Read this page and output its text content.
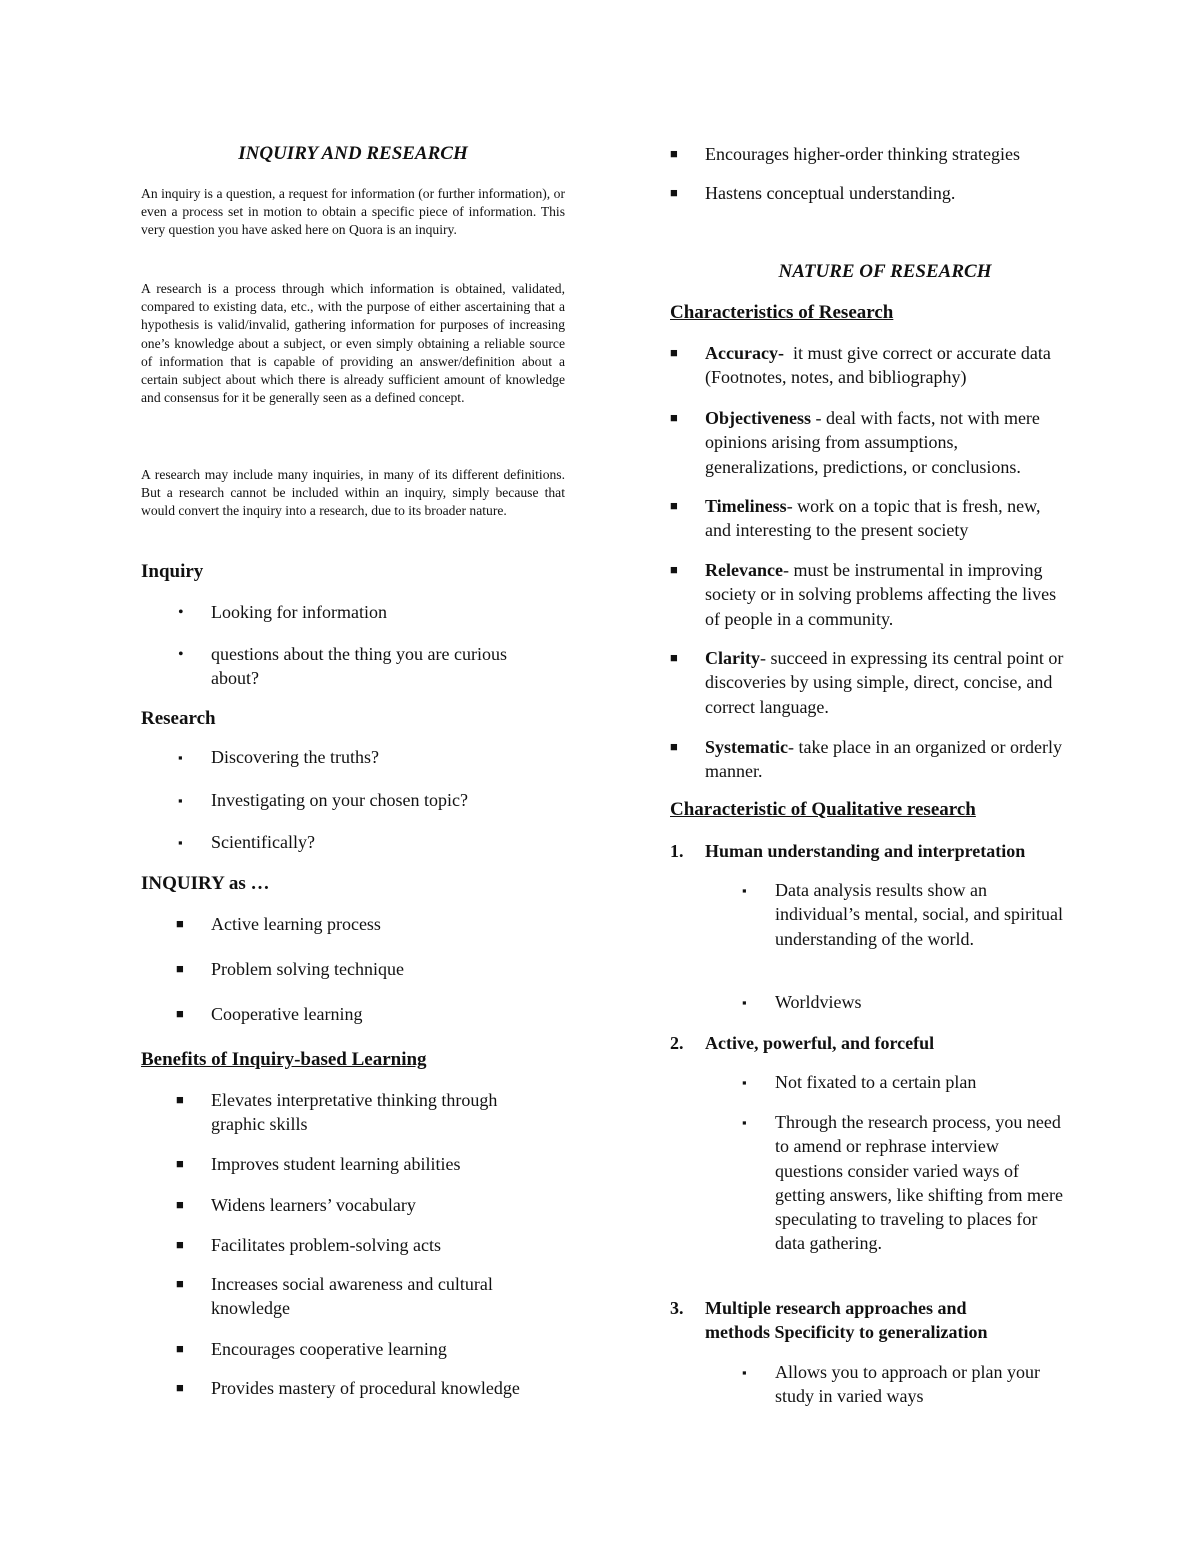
INQUIRY AND RESEARCH

An inquiry is a question, a request for information (or further information), or even a process set in motion to obtain a specific piece of information. This very question you have asked here on Quora is an inquiry.

A research is a process through which information is obtained, validated, compared to existing data, etc., with the purpose of either ascertaining that a hypothesis is valid/invalid, gathering information for purposes of increasing one’s knowledge about a subject, or even simply obtaining a reliable source of information that is capable of providing an answer/definition about a certain subject about which there is already sufficient amount of knowledge and consensus for it be generally seen as a defined concept.

A research may include many inquiries, in many of its different definitions. But a research cannot be included within an inquiry, simply because that would convert the inquiry into a research, due to its broader nature.

Inquiry
• Looking for information
• questions about the thing you are curious about?
Research
▪ Discovering the truths?
▪ Investigating on your chosen topic?
▪ Scientifically?
INQUIRY as …
■ Active learning process
■ Problem solving technique
■ Cooperative learning
Benefits of Inquiry-based Learning
■ Elevates interpretative thinking through graphic skills
■ Improves student learning abilities
■ Widens learners’ vocabulary
■ Facilitates problem-solving acts
■ Increases social awareness and cultural knowledge
■ Encourages cooperative learning
■ Provides mastery of procedural knowledge
■ Encourages higher-order thinking strategies
■ Hastens conceptual understanding.
NATURE OF RESEARCH
Characteristics of Research
■ Accuracy- it must give correct or accurate data (Footnotes, notes, and bibliography)
■ Objectiveness - deal with facts, not with mere opinions arising from assumptions, generalizations, predictions, or conclusions.
■ Timeliness- work on a topic that is fresh, new, and interesting to the present society
■ Relevance- must be instrumental in improving society or in solving problems affecting the lives of people in a community.
■ Clarity- succeed in expressing its central point or discoveries by using simple, direct, concise, and correct language.
■ Systematic- take place in an organized or orderly manner.
Characteristic of Qualitative research
1. Human understanding and interpretation
▪ Data analysis results show an individual’s mental, social, and spiritual understanding of the world.
▪ Worldviews
2. Active, powerful, and forceful
▪ Not fixated to a certain plan
▪ Through the research process, you need to amend or rephrase interview questions consider varied ways of getting answers, like shifting from mere speculating to traveling to places for data gathering.
3. Multiple research approaches and methods Specificity to generalization
▪ Allows you to approach or plan your study in varied ways
